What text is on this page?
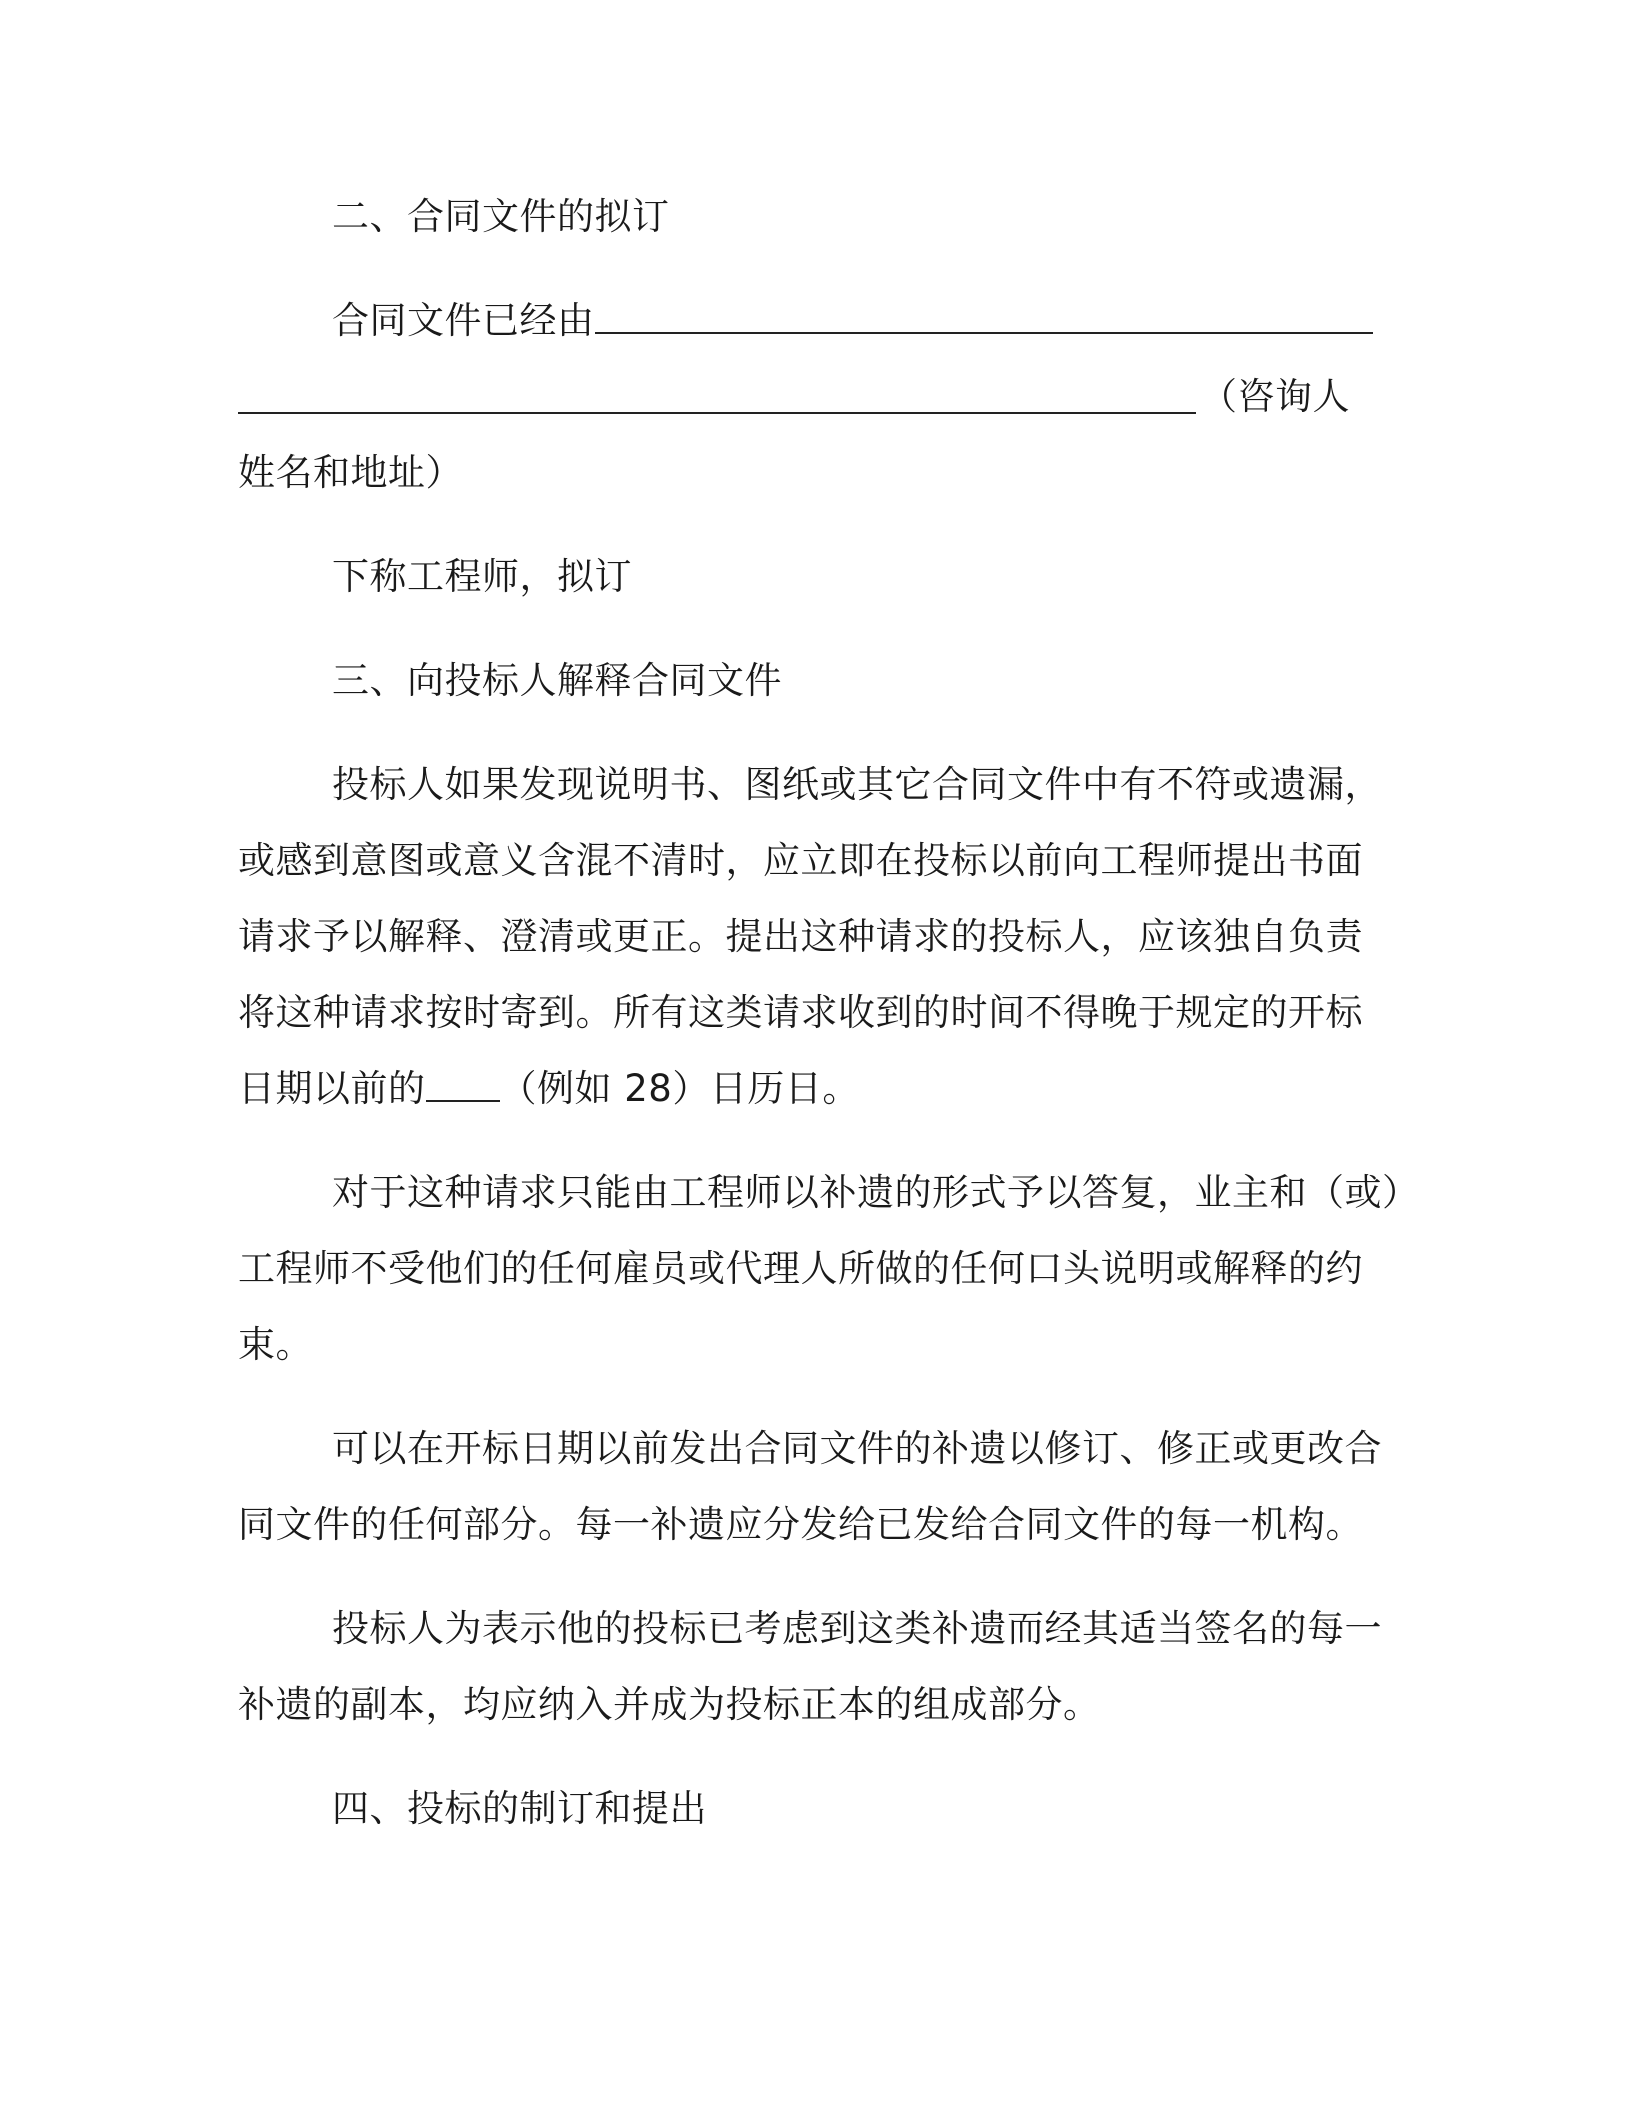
二、合同文件的拟订
合同文件已经由
（咨询人
姓名和地址）
下称工程师，拟订
三、向投标人解释合同文件
投标人如果发现说明书、图纸或其它合同文件中有不符或遗漏，
或感到意图或意义含混不清时，应立即在投标以前向工程师提出书面
请求予以解释、澄清或更正。提出这种请求的投标人，应该独自负责
将这种请求按时寄到。所有这类请求收到的时间不得晚于规定的开标
日期以前的 （例如 28）日历日。
对于这种请求只能由工程师以补遗的形式予以答复，业主和（或）
工程师不受他们的任何雇员或代理人所做的任何口头说明或解释的约
束。
可以在开标日期以前发出合同文件的补遗以修订、修正或更改合
同文件的任何部分。每一补遗应分发给已发给合同文件的每一机构。
投标人为表示他的投标已考虑到这类补遗而经其适当签名的每一
补遗的副本，均应纳入并成为投标正本的组成部分。
四、投标的制订和提出
